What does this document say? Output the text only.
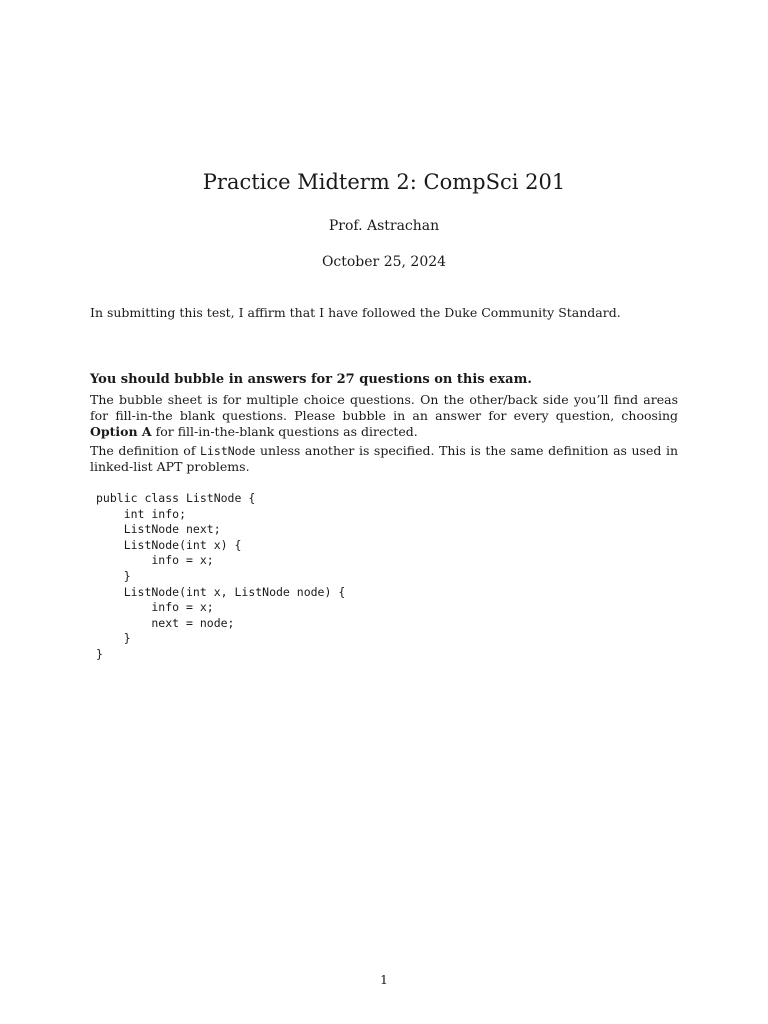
Practice Midterm 2: CompSci 201
Prof. Astrachan
October 25, 2024
In submitting this test, I affirm that I have followed the Duke Community Standard.
You should bubble in answers for 27 questions on this exam.
The bubble sheet is for multiple choice questions. On the other/back side you’ll find areas for fill-in-the blank questions. Please bubble in an answer for every question, choosing Option A for fill-in-the-blank questions as directed.
The definition of ListNode unless another is specified. This is the same definition as used in linked-list APT problems.
public class ListNode {
int info;
ListNode next;
ListNode(int x) {
info = x;
}
ListNode(int x, ListNode node) {
info = x;
next = node;
}
}
1
